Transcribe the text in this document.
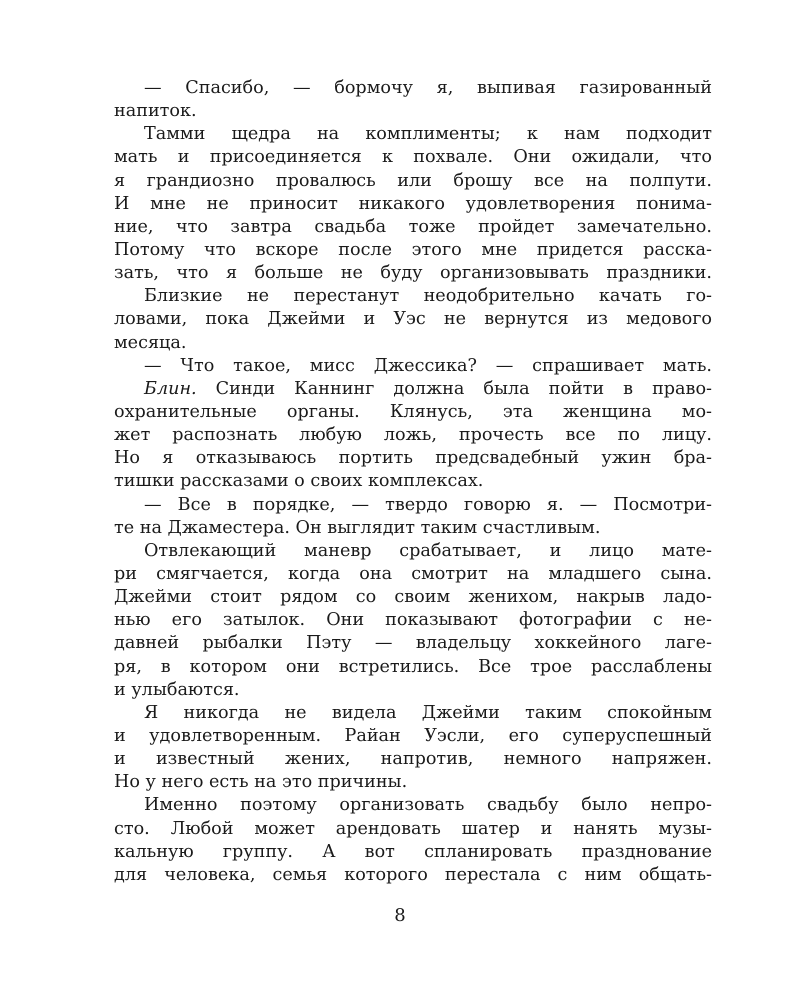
— Спасибо, — бормочу я, выпивая газированный
напиток.
Тамми щедра на комплименты; к нам подходит
мать и присоединяется к похвале. Они ожидали, что
я грандиозно провалюсь или брошу все на полпути.
И мне не приносит никакого удовлетворения понима-
ние, что завтра свадьба тоже пройдет замечательно.
Потому что вскоре после этого мне придется расска-
зать, что я больше не буду организовывать праздники.
Близкие не перестанут неодобрительно качать го-
ловами, пока Джейми и Уэс не вернутся из медового
месяца.
— Что такое, мисс Джессика? — спрашивает мать.
Блин. Синди Каннинг должна была пойти в право-
охранительные органы. Клянусь, эта женщина мо-
жет распознать любую ложь, прочесть все по лицу.
Но я отказываюсь портить предсвадебный ужин бра-
тишки рассказами о своих комплексах.
— Все в порядке, — твердо говорю я. — Посмотри-
те на Джаместера. Он выглядит таким счастливым.
Отвлекающий маневр срабатывает, и лицо мате-
ри смягчается, когда она смотрит на младшего сына.
Джейми стоит рядом со своим женихом, накрыв ладо-
нью его затылок. Они показывают фотографии с не-
давней рыбалки Пэту — владельцу хоккейного лаге-
ря, в котором они встретились. Все трое расслаблены
и улыбаются.
Я никогда не видела Джейми таким спокойным
и удовлетворенным. Райан Уэсли, его суперуспешный
и известный жених, напротив, немного напряжен.
Но у него есть на это причины.
Именно поэтому организовать свадьбу было непро-
сто. Любой может арендовать шатер и нанять музы-
кальную группу. А вот спланировать празднование
для человека, семья которого перестала с ним общать-
8
